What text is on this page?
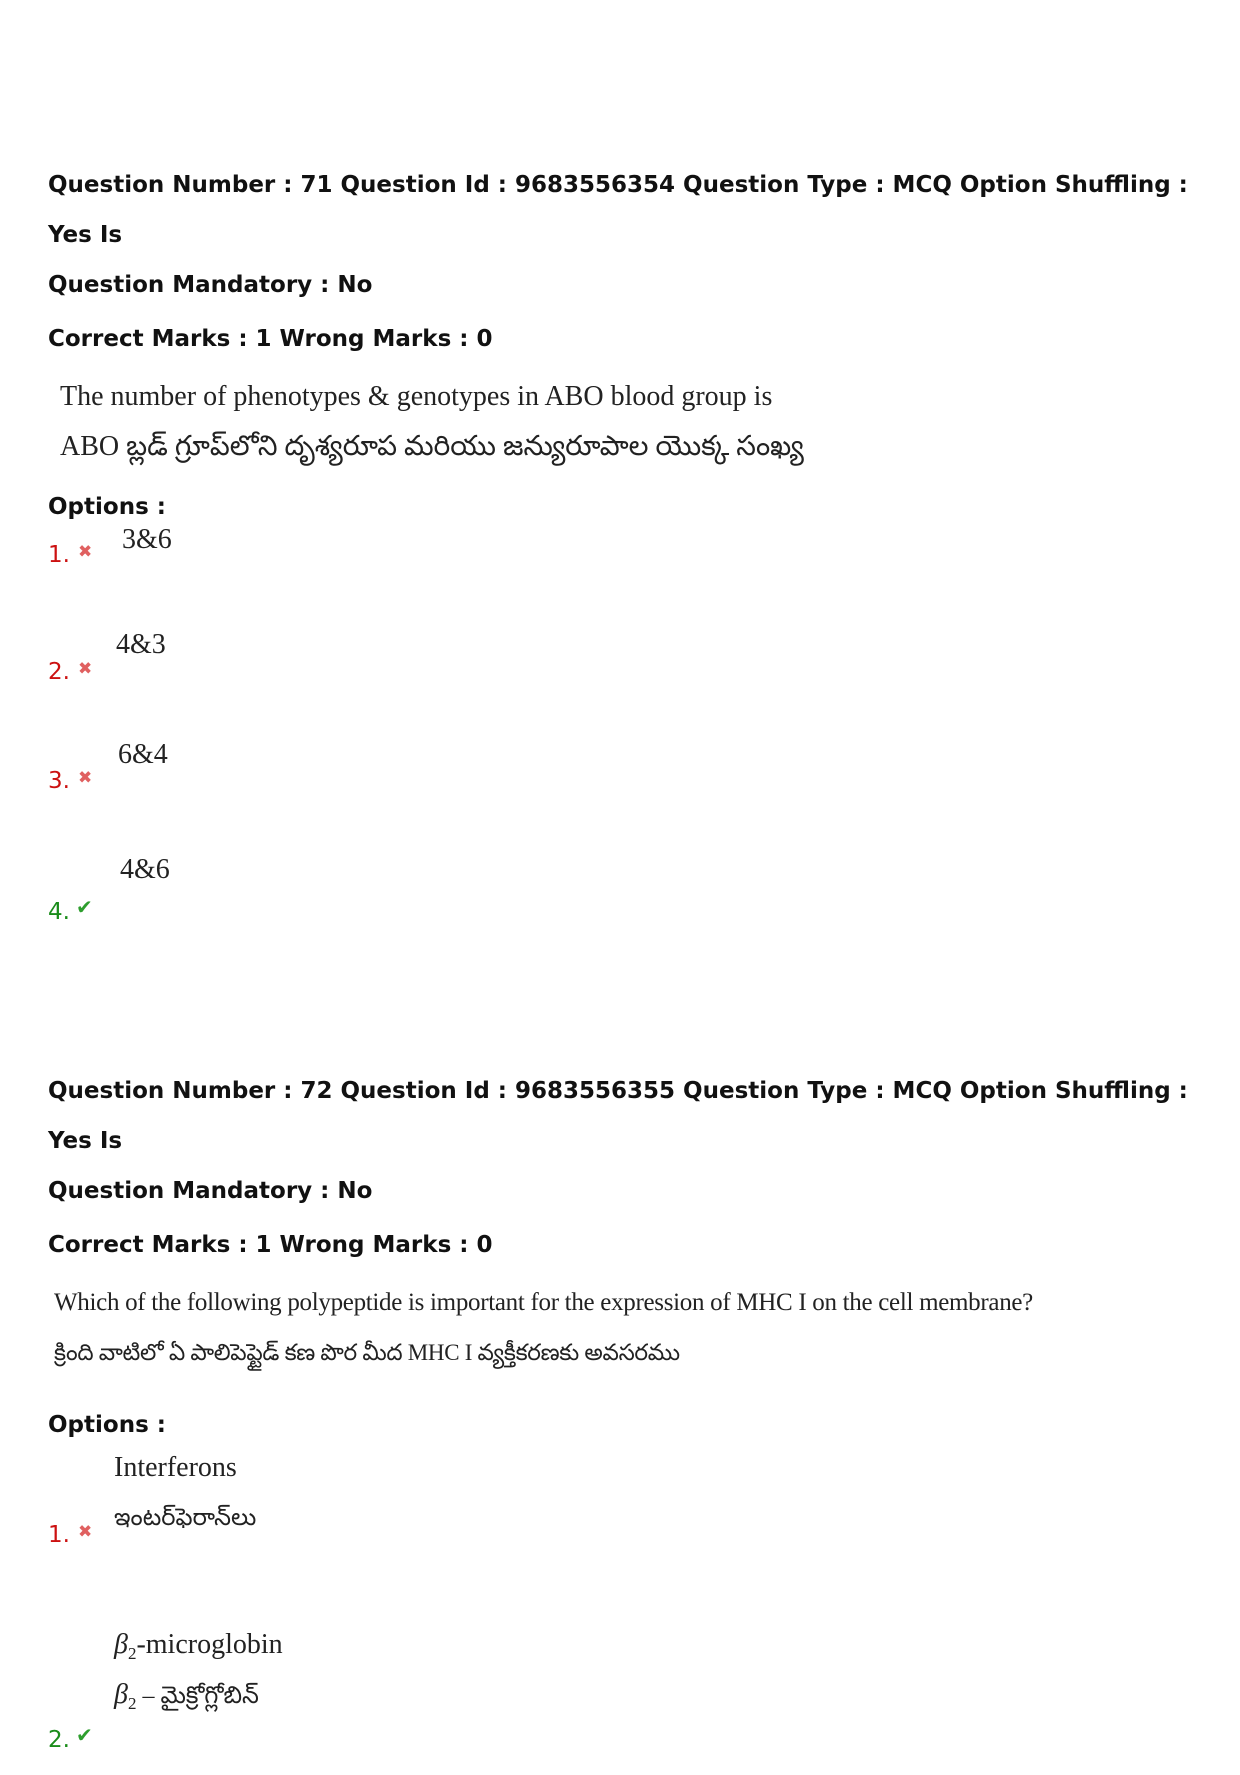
Question Number : 71 Question Id : 9683556354 Question Type : MCQ Option Shuffling : Yes Is

Question Mandatory : No

Correct Marks : 1 Wrong Marks : 0

The number of phenotypes & genotypes in ABO blood group is
ABO బ్లడ్ గ్రూప్‌లోని దృశ్యరూప మరియు జన్యురూపాల యొక్క సంఖ్య

Options :

1. ✖ 3&6
2. ✖
4&3
3. ✖
6&4
4. ✔
4&6

Question Number : 72 Question Id : 9683556355 Question Type : MCQ Option Shuffling : Yes Is

Question Mandatory : No

Correct Marks : 1 Wrong Marks : 0

Which of the following polypeptide is important for the expression of MHC I on the cell membrane?
క్రింది వాటిలో ఏ పాలిపెప్టైడ్ కణ పొర మీద MHC I వ్యక్తీకరణకు అవసరము

Options :

Interferons
ఇంటర్‌ఫెరాన్‌లు
1. ✖
$\beta_2$-microglobin
$\beta_2$ – మైక్రోగ్లోబిన్
2. ✔
